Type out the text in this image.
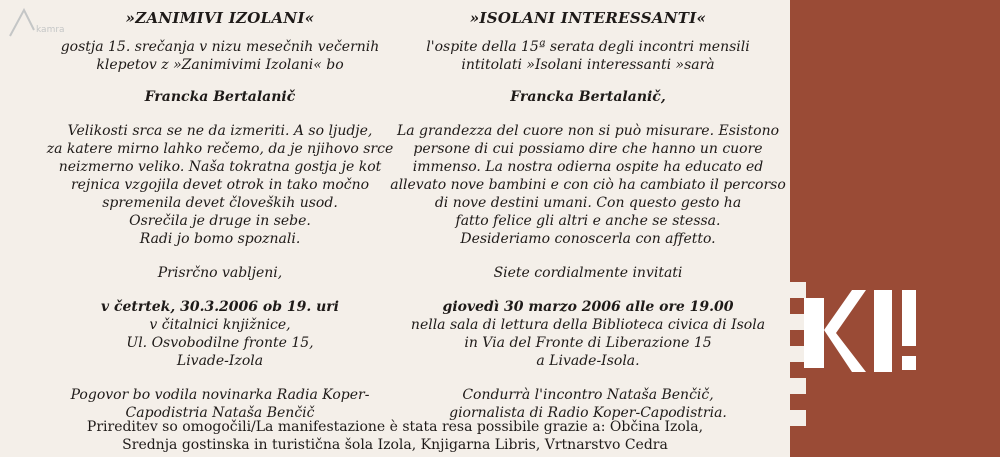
kamra

»ZANIMIVI IZOLANI«

gostja 15. srečanja v nizu mesečnih večernih

klepetov z »Zanimivimi Izolani« bo

Francka Bertalanič

Velikosti srca se ne da izmeriti. A so ljudje,

za katere mirno lahko rečemo, da je njihovo srce

neizmerno veliko. Naša tokratna gostja je kot

rejnica vzgojila devet otrok in tako močno

spremenila devet človeških usod.

Osrečila je druge in sebe.

Radi jo bomo spoznali.

Prisrčno vabljeni,

v četrtek, 30.3.2006 ob 19. uri

v čitalnici knjižnice,

Ul. Osvobodilne fronte 15,

Livade-Izola

Pogovor bo vodila novinarka Radia Koper-

Capodistria Nataša Benčič

»ISOLANI INTERESSANTI«

l'ospite della 15ª serata degli incontri mensili

intitolati »Isolani interessanti »sarà

Francka Bertalanič,

La grandezza del cuore non si può misurare. Esistono

persone di cui possiamo dire che hanno un cuore

immenso. La nostra odierna ospite ha educato ed

allevato nove bambini e con ciò ha cambiato il percorso

di nove destini umani. Con questo gesto ha

fatto felice gli altri e anche se stessa.

Desideriamo conoscerla con affetto.

Siete cordialmente invitati

giovedì 30 marzo 2006 alle ore 19.00

nella sala di lettura della Biblioteca civica di Isola

in Via del Fronte di Liberazione 15

a Livade-Isola.

Condurrà l'incontro Nataša Benčič,

giornalista di Radio Koper-Capodistria.

Prireditev so omogočili/La manifestazione è stata resa possibile grazie a: Občina Izola,

Srednja gostinska in turistična šola Izola, Knjigarna Libris, Vrtnarstvo Cedra
